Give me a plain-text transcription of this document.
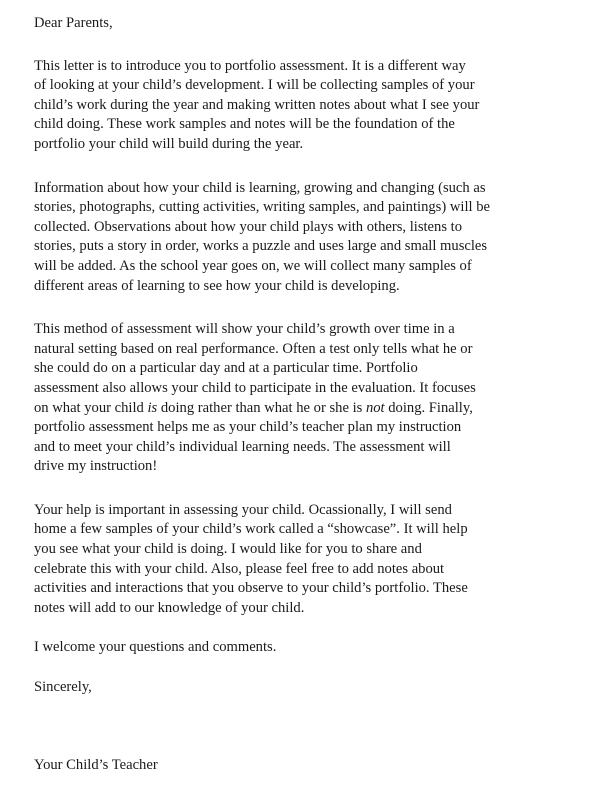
Dear Parents,

This letter is to introduce you to portfolio assessment. It is a different way
of looking at your child’s development. I will be collecting samples of your
child’s work during the year and making written notes about what I see your
child doing. These work samples and notes will be the foundation of the
portfolio your child will build during the year.

Information about how your child is learning, growing and changing (such as
stories, photographs, cutting activities, writing samples, and paintings) will be
collected. Observations about how your child plays with others, listens to
stories, puts a story in order, works a puzzle and uses large and small muscles
will be added. As the school year goes on, we will collect many samples of
different areas of learning to see how your child is developing.

This method of assessment will show your child’s growth over time in a
natural setting based on real performance. Often a test only tells what he or
she could do on a particular day and at a particular time. Portfolio
assessment also allows your child to participate in the evaluation. It focuses
on what your child is doing rather than what he or she is not doing. Finally,
portfolio assessment helps me as your child’s teacher plan my instruction
and to meet your child’s individual learning needs. The assessment will
drive my instruction!

Your help is important in assessing your child. Ocassionally, I will send
home a few samples of your child’s work called a “showcase”. It will help
you see what your child is doing. I would like for you to share and
celebrate this with your child. Also, please feel free to add notes about
activities and interactions that you observe to your child’s portfolio. These
notes will add to our knowledge of your child.

I welcome your questions and comments.

Sincerely,

Your Child’s Teacher
